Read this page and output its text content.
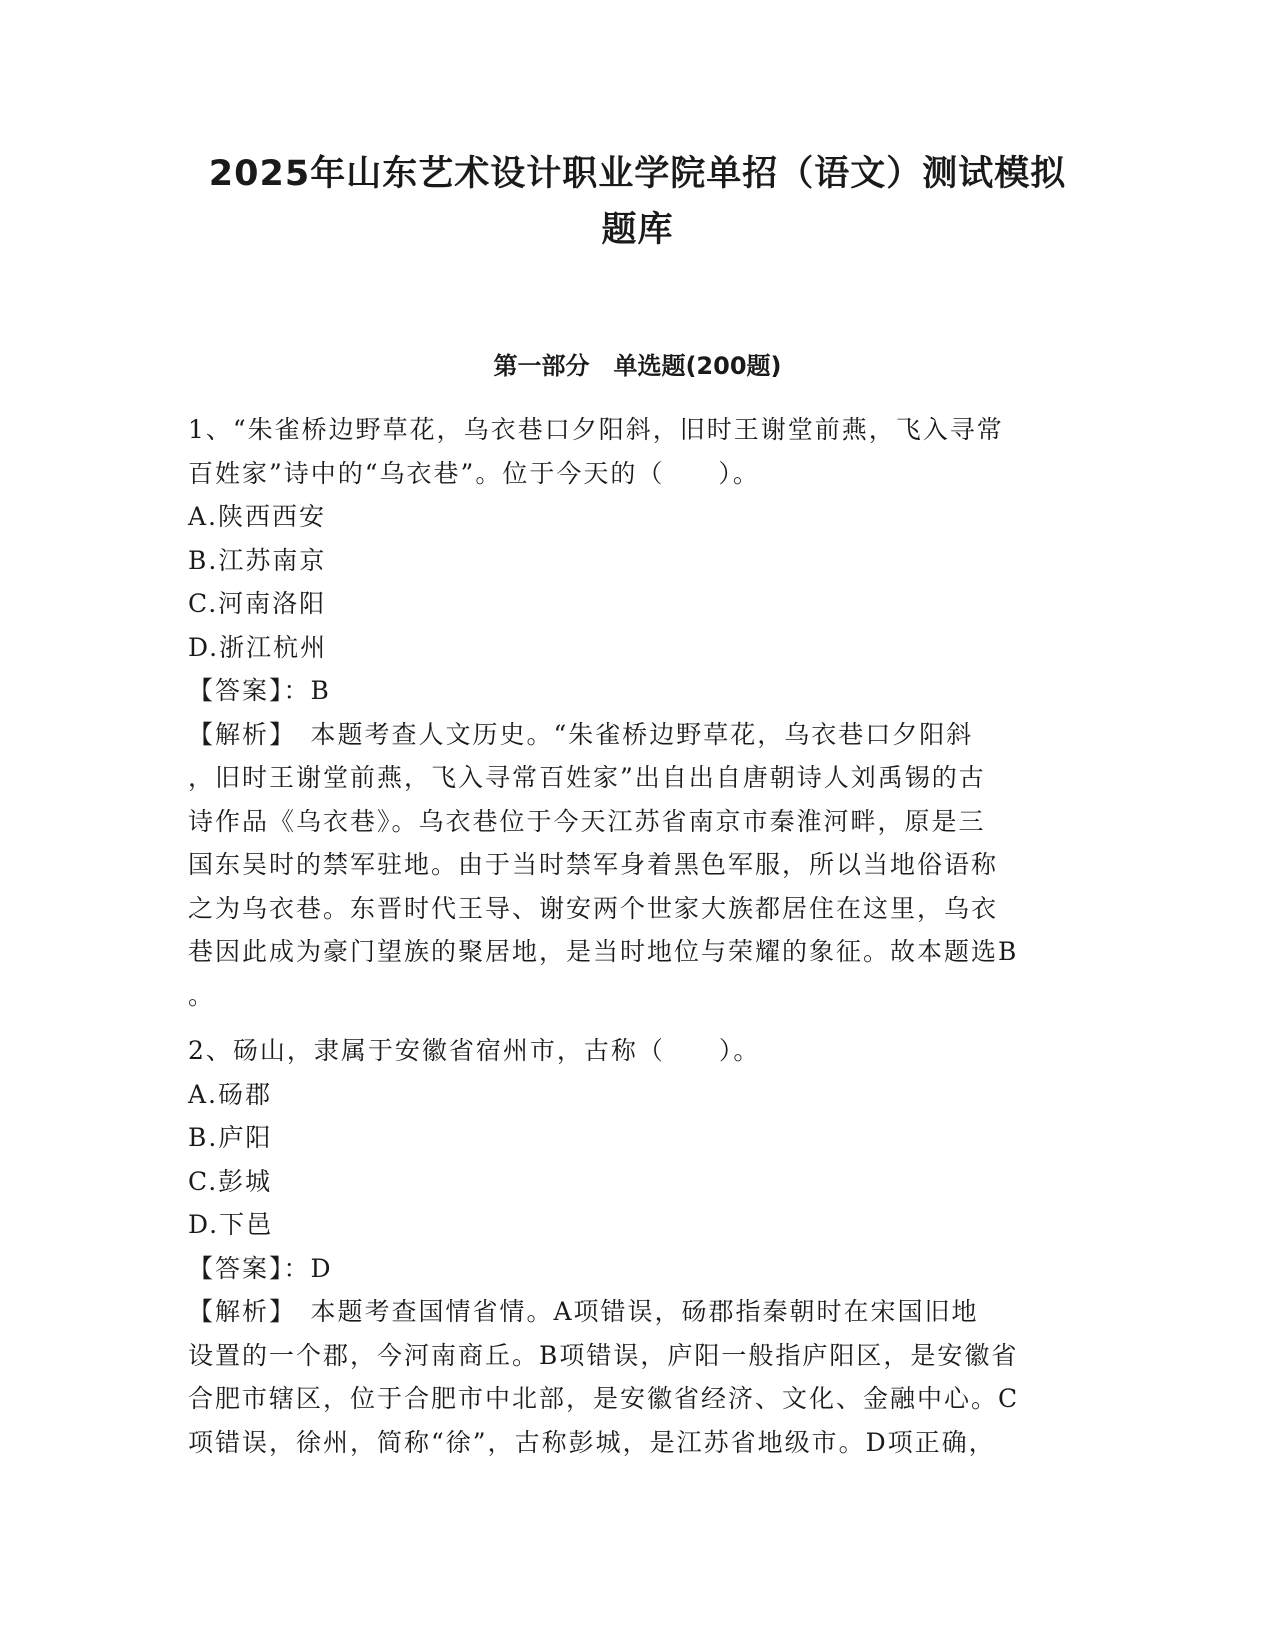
2025年山东艺术设计职业学院单招（语文）测试模拟
题库
第一部分　单选题(200题)

1、“朱雀桥边野草花，乌衣巷口夕阳斜，旧时王谢堂前燕，飞入寻常

百姓家”诗中的“乌衣巷”。位于今天的（　　）。

A.陕西西安

B.江苏南京

C.河南洛阳

D.浙江杭州

【答案】：B

【解析】　本题考查人文历史。“朱雀桥边野草花，乌衣巷口夕阳斜

，旧时王谢堂前燕，飞入寻常百姓家”出自出自唐朝诗人刘禹锡的古

诗作品《乌衣巷》。乌衣巷位于今天江苏省南京市秦淮河畔，原是三

国东吴时的禁军驻地。由于当时禁军身着黑色军服，所以当地俗语称

之为乌衣巷。东晋时代王导、谢安两个世家大族都居住在这里，乌衣

巷因此成为豪门望族的聚居地，是当时地位与荣耀的象征。故本题选B

。

2、砀山，隶属于安徽省宿州市，古称（　　）。

A.砀郡

B.庐阳

C.彭城

D.下邑

【答案】：D

【解析】　本题考查国情省情。A项错误，砀郡指秦朝时在宋国旧地

设置的一个郡，今河南商丘。B项错误，庐阳一般指庐阳区，是安徽省

合肥市辖区，位于合肥市中北部，是安徽省经济、文化、金融中心。C

项错误，徐州，简称“徐”，古称彭城，是江苏省地级市。D项正确，
